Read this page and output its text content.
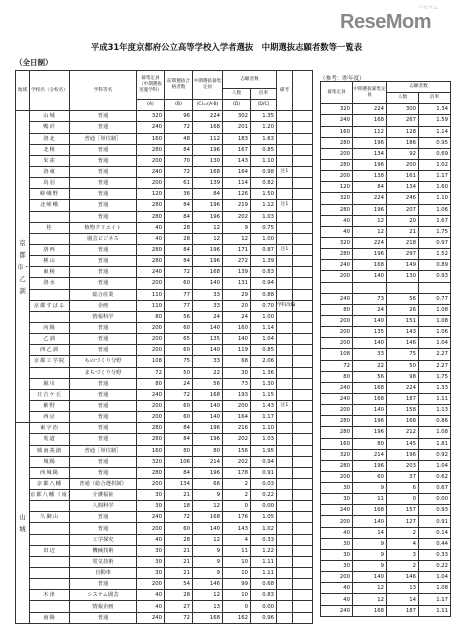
ReseMom
リセマム
平成31年度京都府公立高等学校入学者選抜　中期選抜志願者数等一覧表
（全日制）
（参考：昨年度）
地域	学校名（分校名）	学科等名	募集定員（中期選抜実施学科）	前期選抜合格者数	中期選抜募集定員	志願者数		備考	
						人数	倍率		
			(A)	(B)	(C)=(A-B)	(D)	(D/C)		
京都市・乙訓	山城	普通	320	96	224	302	1.35		
	鴨沂	普通	240	72	168	201	1.20		
	洛北	普通［単位制］	160	48	112	183	1.63		
	北稜	普通	280	84	196	167	0.85		
	朱雀	普通	200	70	130	143	1.10		
	洛東	普通	240	72	168	164	0.98	注1	
	鳥羽	普通	200	61	139	114	0.82		
	嵯峨野	普通	120	36	84	126	1.50		
	北嵯峨	普通	280	84	196	219	1.12	注1	
		普通	280	84	196	202	1.03		
	桂	植物クリエイト	40	28	12	9	0.75		
		園芸ビジネス	40	28	12	12	1.00		
	洛西	普通	280	84	196	171	0.87	注1	
	桃山	普通	280	84	196	272	1.39		
	東稜	普通	240	72	168	139	0.83		
	洛水	普通	200	60	140	131	0.94		
		総合産業	110	77	33	29	0.88		
	京都すばる	企画	110	77	33	20	0.70	学科改編	
		情報科学	80	56	24	24	1.00		
	向陽	普通	200	60	140	160	1.14		
	乙訓	普通	200	65	135	140	1.04		
	西乙訓	普通	200	60	140	119	0.85		
	京都工学院	ものづくり分野	108	75	33	68	2.06		
		まちづくり分野	72	50	22	30	1.36		
	堀川	普通	80	24	56	73	1.30		
	日吉ケ丘	普通	240	72	168	193	1.15		
	紫野	普通	200	60	140	200	1.43	注1	
	西京	普通	200	60	140	164	1.17		
山城	東宇治	普通	280	84	196	216	1.10		
	莵道	普通	280	84	196	202	1.03		
	城南菱創	普通［単位制］	160	80	80	156	1.95		
	城陽	普通	320	106	214	202	0.94		
	西城陽	普通	280	84	196	178	0.91		
	京都八幡	普通（総合選択制）	200	134	66	2	0.03		
	京都八幡（南）	介護福祉	30	21	9	2	0.22		
		人間科学	30	18	12	0	0.00		
	久御山	普通	240	72	168	176	1.05		
		普通	200	60	140	143	1.02		
		工学探究	40	28	12	4	0.33		
	田辺	機械技術	30	21	9	11	1.22		
		電気技術	30	21	9	10	1.11		
		自動車	30	21	9	10	1.11		
		普通	200	54	146	99	0.68		
	木津	システム園芸	40	28	12	10	0.83		
		情報企画	40	27	13	0	0.00		
	南陽	普通	240	72	168	162	0.96		
募集定員	中期選抜募集定員	志願者数	
		人数	倍率
320	224	300	1.34
240	168	267	1.59
160	112	128	1.14
280	196	186	0.95
200	134	92	0.69
280	196	200	1.02
200	138	161	1.17
120	84	134	1.60
320	224	246	1.10
280	196	207	1.06
40	12	20	1.67
40	12	21	1.75
320	224	218	0.97
280	196	297	1.52
240	168	149	0.89
200	140	130	0.93

240	73	56	0.77
80	24	26	1.08
200	140	151	1.08
200	135	143	1.06
200	140	146	1.04
108	33	75	2.27
72	22	50	2.27
80	56	98	1.75
240	168	224	1.33
240	168	187	1.11
200	140	158	1.13
280	196	168	0.86
280	196	212	1.08
160	80	145	1.81
320	214	196	0.92
280	196	203	1.04
200	60	37	0.62
30	9	6	0.67
30	11	0	0.00
240	168	157	0.93
200	140	127	0.91
40	14	2	0.14
30	9	4	0.44
30	9	3	0.33
30	9	2	0.22
200	140	146	1.04
40	12	13	1.08
40	12	14	1.17
240	168	187	1.11
